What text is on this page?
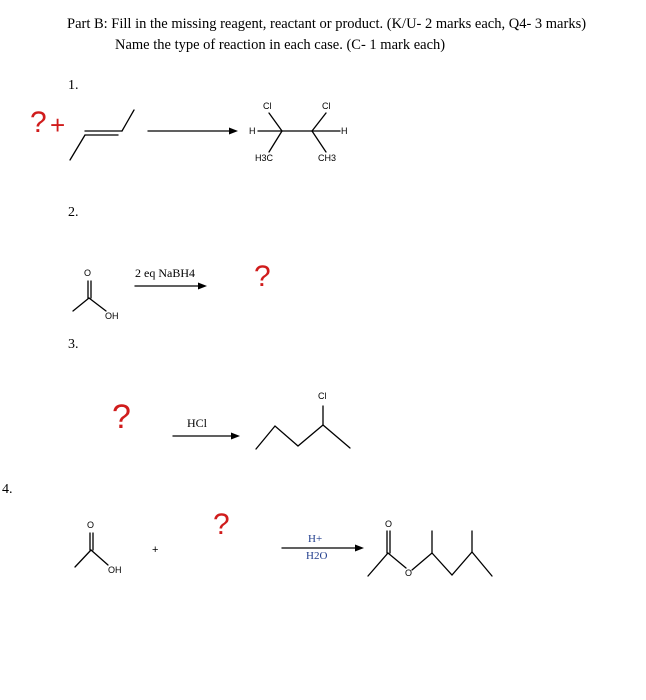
Part B: Fill in the missing reagent, reactant or product. (K/U- 2 marks each, Q4- 3 marks)
Name the type of reaction in each case. (C- 1 mark each)
1.
2.
3.
4.
? +
Cl	Cl
H	H
H3C	CH3
O
OH
2 eq NaBH4 ?
?	HCl
Cl
O
OH
+
?	H+
H2O
O
O
